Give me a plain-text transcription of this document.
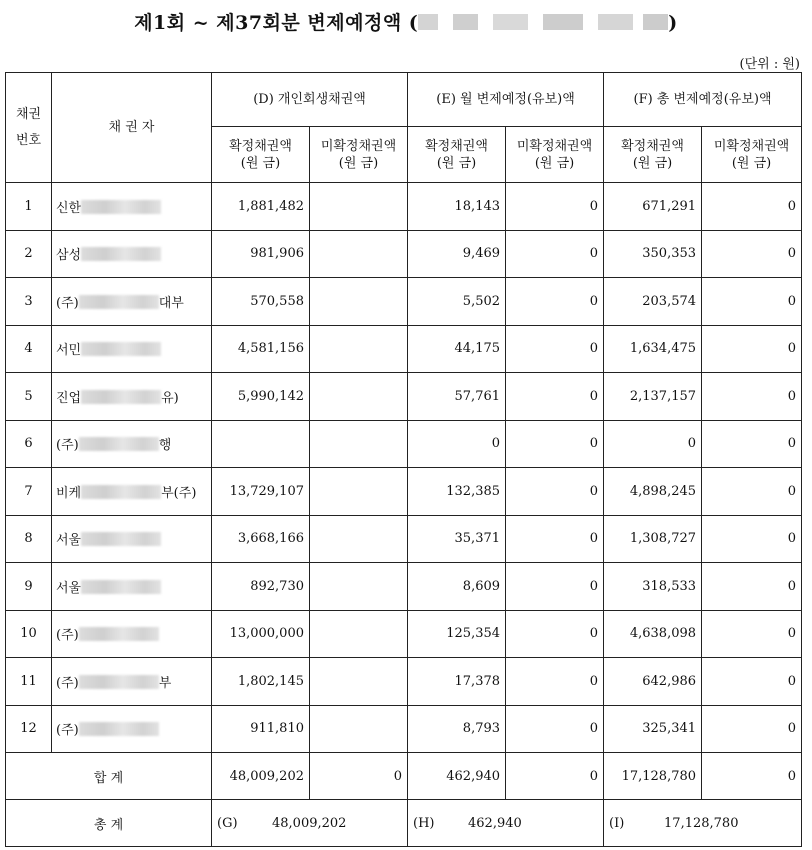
제1회 ~ 제37회분 변제예정액 (	)
(단위 : 원)
채권 번호	채 권 자	(D) 개인회생채권액		(E) 월 변제예정(유보)액		(F) 총 변제예정(유보)액	
		확정채권액 (원 금)	미확정채권액 (원 금)	확정채권액 (원 금)	미확정채권액 (원 금)	확정채권액 (원 금)	미확정채권액 (원 금)
1	신한	1,881,482		18,143	0	671,291	0
2	삼성	981,906		9,469	0	350,353	0
3	(주) 대부	570,558		5,502	0	203,574	0
4	서민	4,581,156		44,175	0	1,634,475	0
5	진업 유)	5,990,142		57,761	0	2,137,157	0
6	(주) 행			0	0	0	0
7	비케 부(주)	13,729,107		132,385	0	4,898,245	0
8	서울	3,668,166		35,371	0	1,308,727	0
9	서울	892,730		8,609	0	318,533	0
10	(주)	13,000,000		125,354	0	4,638,098	0
11	(주) 부	1,802,145		17,378	0	642,986	0
12	(주)	911,810		8,793	0	325,341	0
합 계		48,009,202	0	462,940	0	17,128,780	0
총 계		(G) 48,009,202		(H) 462,940		(I) 17,128,780	
